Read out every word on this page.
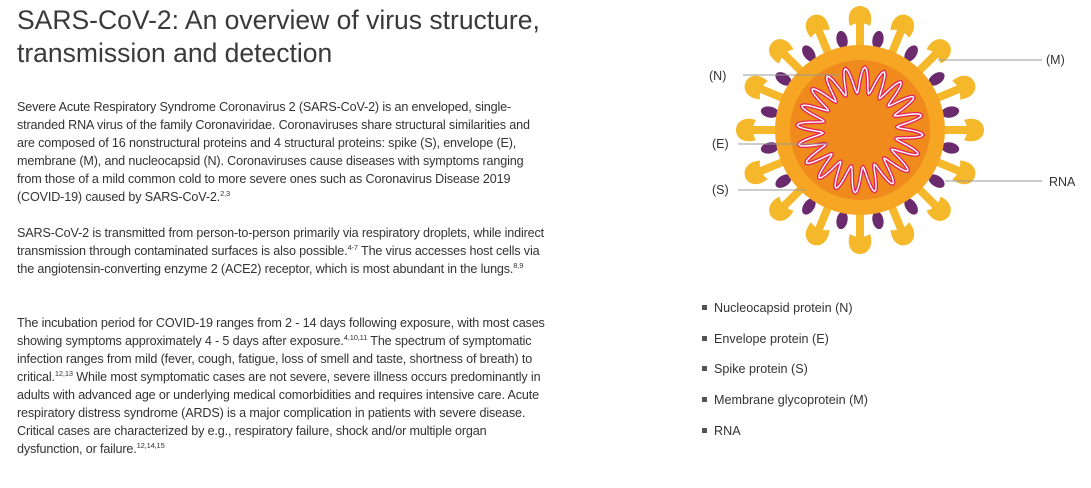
SARS-CoV-2: An overview of virus structure, transmission and detection

Severe Acute Respiratory Syndrome Coronavirus 2 (SARS-CoV-2) is an enveloped, single-stranded RNA virus of the family Coronaviridae. Coronaviruses share structural similarities and are composed of 16 nonstructural proteins and 4 structural proteins: spike (S), envelope (E), membrane (M), and nucleocapsid (N). Coronaviruses cause diseases with symptoms ranging from those of a mild common cold to more severe ones such as Coronavirus Disease 2019 (COVID-19) caused by SARS-CoV-2.$^{2,3}$

SARS-CoV-2 is transmitted from person-to-person primarily via respiratory droplets, while indirect transmission through contaminated surfaces is also possible.$^{4-7}$ The virus accesses host cells via the angiotensin-converting enzyme 2 (ACE2) receptor, which is most abundant in the lungs.$^{8,9}$

The incubation period for COVID-19 ranges from 2 - 14 days following exposure, with most cases showing symptoms approximately 4 - 5 days after exposure.$^{4,10,11}$ The spectrum of symptomatic infection ranges from mild (fever, cough, fatigue, loss of smell and taste, shortness of breath) to critical.$^{12,13}$ While most symptomatic cases are not severe, severe illness occurs predominantly in adults with advanced age or underlying medical comorbidities and requires intensive care. Acute respiratory distress syndrome (ARDS) is a major complication in patients with severe disease. Critical cases are characterized by e.g., respiratory failure, shock and/or multiple organ dysfunction, or failure.$^{12,14,15}$

(N)
(E)
(S)
(M)
RNA
Nucleocapsid protein (N)
Envelope protein (E)
Spike protein (S)
Membrane glycoprotein (M)
RNA
